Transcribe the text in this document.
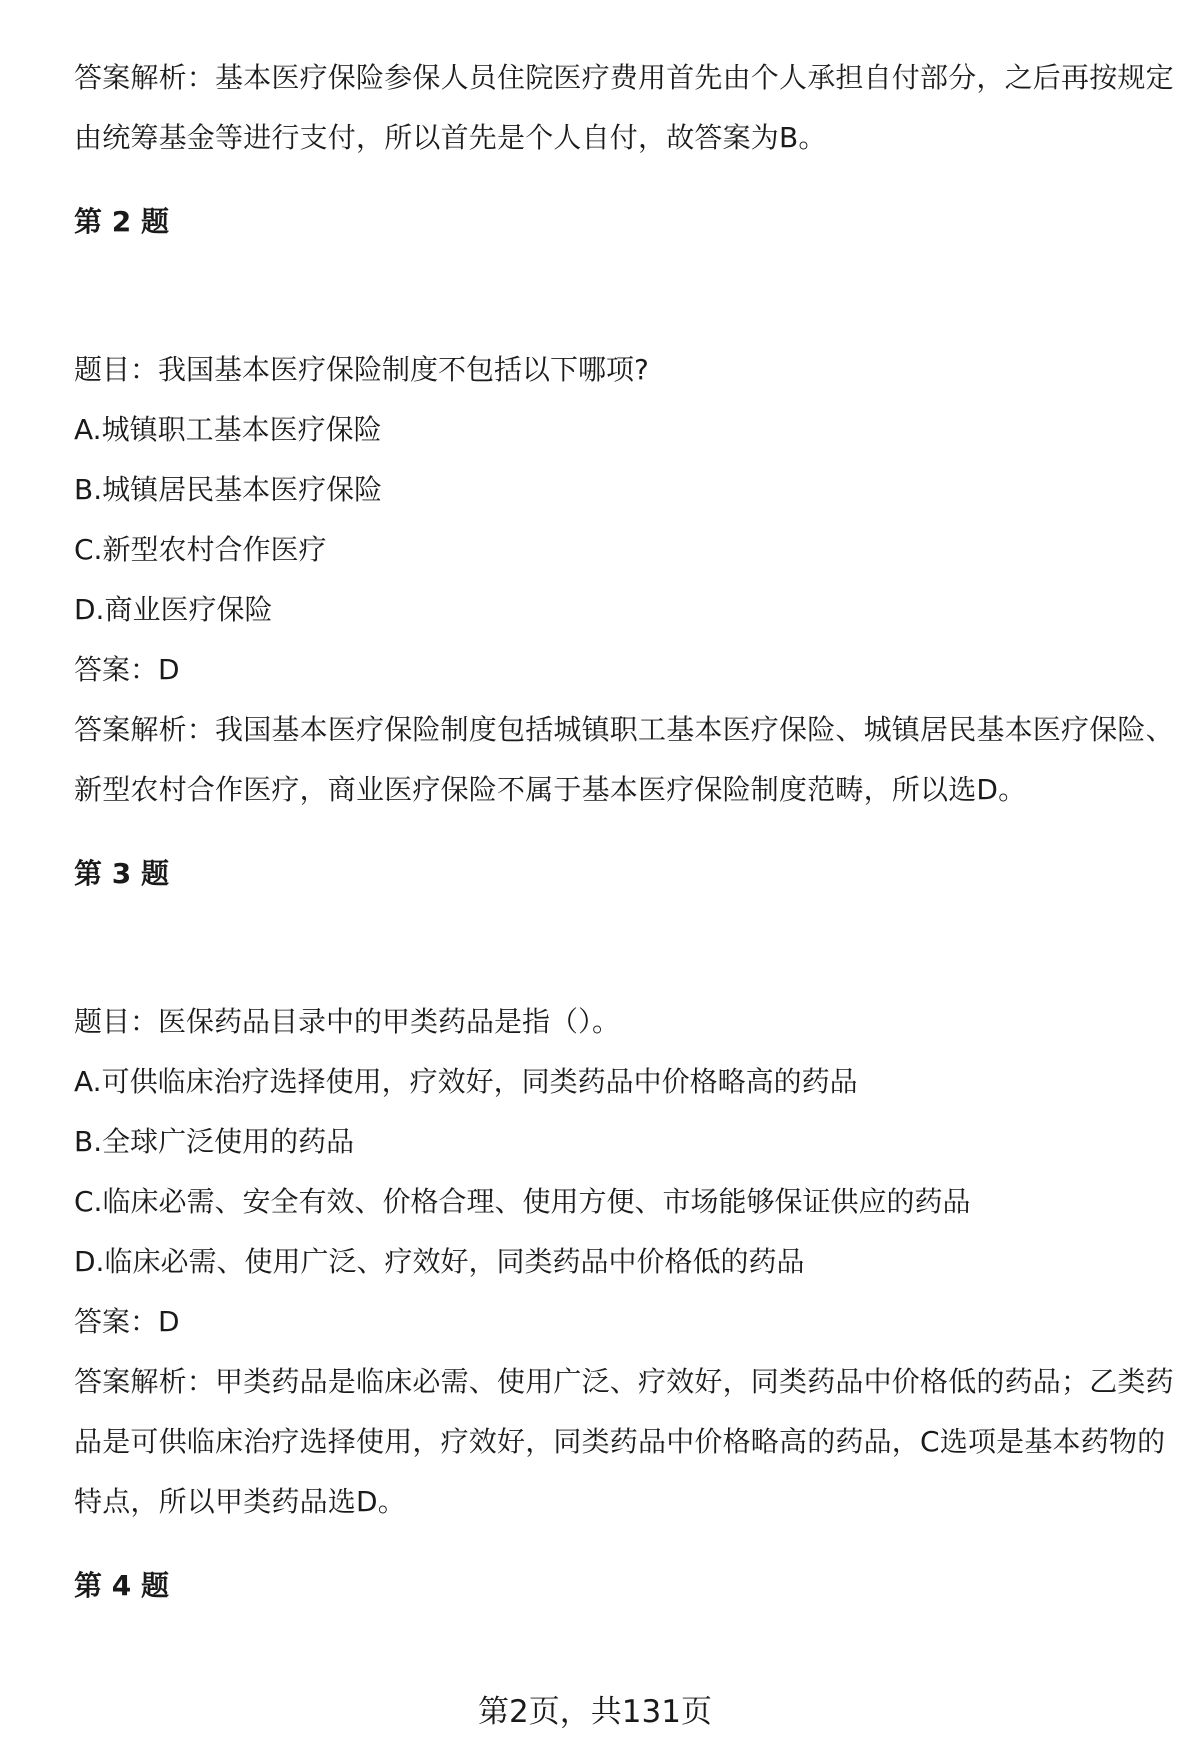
答案解析：基本医疗保险参保人员住院医疗费用首先由个人承担自付部分，之后再按规定由统筹基金等进行支付，所以首先是个人自付，故答案为B。

第 2 题

题目：我国基本医疗保险制度不包括以下哪项?

A.城镇职工基本医疗保险

B.城镇居民基本医疗保险

C.新型农村合作医疗

D.商业医疗保险

答案：D

答案解析：我国基本医疗保险制度包括城镇职工基本医疗保险、城镇居民基本医疗保险、新型农村合作医疗，商业医疗保险不属于基本医疗保险制度范畴，所以选D。

第 3 题

题目：医保药品目录中的甲类药品是指（）。

A.可供临床治疗选择使用，疗效好，同类药品中价格略高的药品

B.全球广泛使用的药品

C.临床必需、安全有效、价格合理、使用方便、市场能够保证供应的药品

D.临床必需、使用广泛、疗效好，同类药品中价格低的药品

答案：D

答案解析：甲类药品是临床必需、使用广泛、疗效好，同类药品中价格低的药品；乙类药品是可供临床治疗选择使用，疗效好，同类药品中价格略高的药品，C选项是基本药物的特点，所以甲类药品选D。

第 4 题

第2页，共131页
